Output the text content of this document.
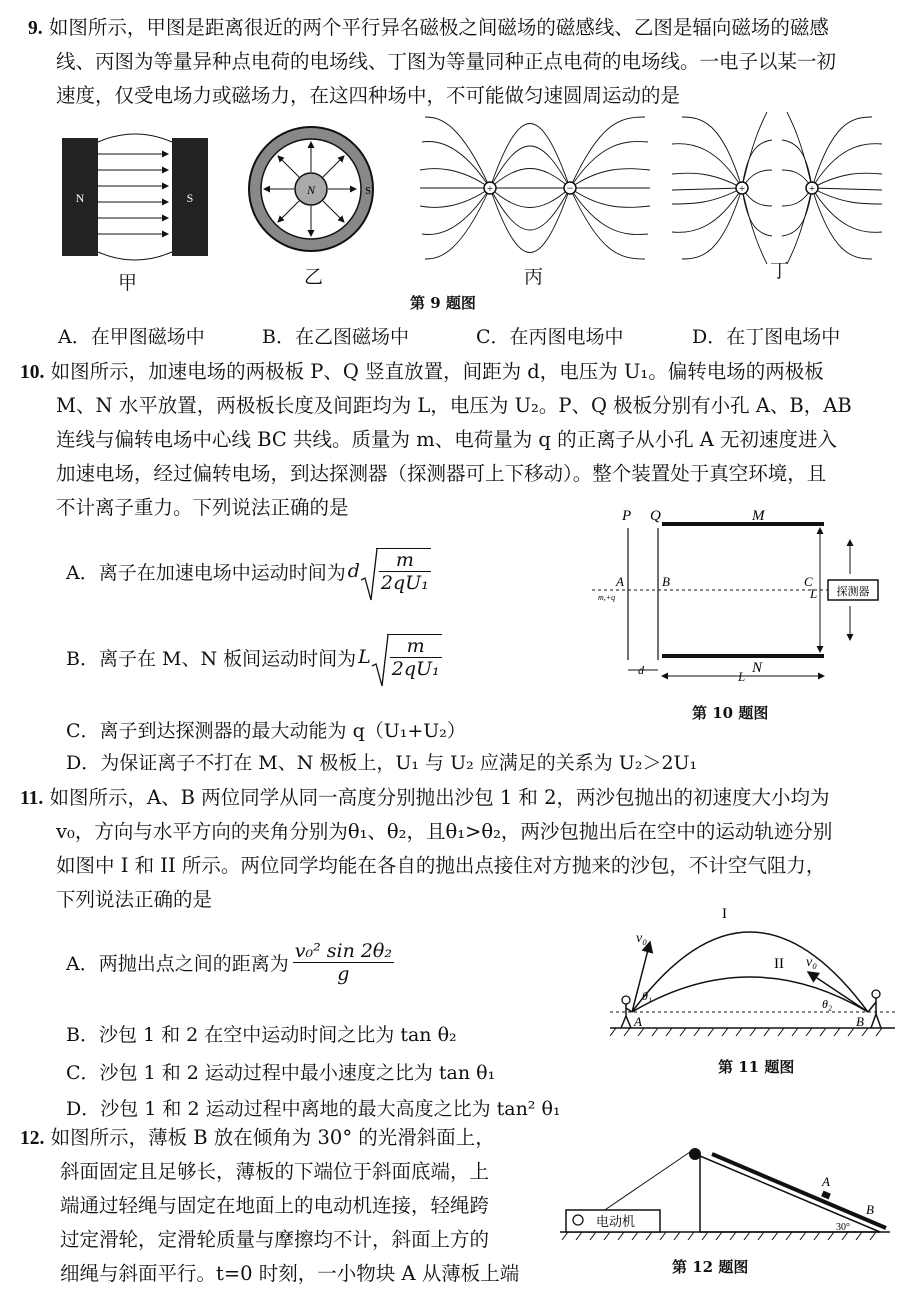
9. 如图所示，甲图是距离很近的两个平行异名磁极之间磁场的磁感线、乙图是辐向磁场的磁感
线、丙图为等量异种点电荷的电场线、丁图为等量同种正点电荷的电场线。一电子以某一初
速度，仅受电场力或磁场力，在这四种场中，不可能做匀速圆周运动的是
N	S
甲
N	S
乙
+	−
丙
+	+
丁
第 9 题图
A．在甲图磁场中	B．在乙图磁场中	C．在丙图电场中	D．在丁图电场中
10. 如图所示，加速电场的两极板 P、Q 竖直放置，间距为 d，电压为 U₁。偏转电场的两极板
M、N 水平放置，两极板长度及间距均为 L，电压为 U₂。P、Q 极板分别有小孔 A、B，AB
连线与偏转电场中心线 BC 共线。质量为 m、电荷量为 q 的正离子从小孔 A 无初速度进入
加速电场，经过偏转电场，到达探测器（探测器可上下移动）。整个装置处于真空环境，且
不计离子重力。下列说法正确的是
A．离子在加速电场中运动时间为 d $\frac{m}{\text{2qU₁}}$
B．离子在 M、N 板间运动时间为 L $\frac{m}{\text{2qU₁}}$
C．离子到达探测器的最大动能为 q（U₁+U₂）
D．为保证离子不打在 M、N 极板上，U₁ 与 U₂ 应满足的关系为 U₂＞2U₁
P Q	M
A
m,+q
B	C
L 探测器
d	L
N
第 10 题图
11. 如图所示，A、B 两位同学从同一高度分别抛出沙包 1 和 2，两沙包抛出的初速度大小均为
v₀，方向与水平方向的夹角分别为θ₁、θ₂，且θ₁>θ₂，两沙包抛出后在空中的运动轨迹分别
如图中 I 和 II 所示。两位同学均能在各自的抛出点接住对方抛来的沙包，不计空气阻力，
下列说法正确的是
A．两抛出点之间的距离为 $\frac{\text{v₀² sin 2θ₂}}{g}$
B．沙包 1 和 2 在空中运动时间之比为 tan θ₂
C．沙包 1 和 2 运动过程中最小速度之比为 tan θ₁
D．沙包 1 和 2 运动过程中离地的最大高度之比为 tan² θ₁
I
II
v₀
v₀
θ₁
θ₂
A	B
第 11 题图
12. 如图所示，薄板 B 放在倾角为 30° 的光滑斜面上，
斜面固定且足够长，薄板的下端位于斜面底端，上
端通过轻绳与固定在地面上的电动机连接，轻绳跨
过定滑轮，定滑轮质量与摩擦均不计，斜面上方的
细绳与斜面平行。t=0 时刻，一小物块 A 从薄板上端
电动机
A
B
30°
第 12 题图
